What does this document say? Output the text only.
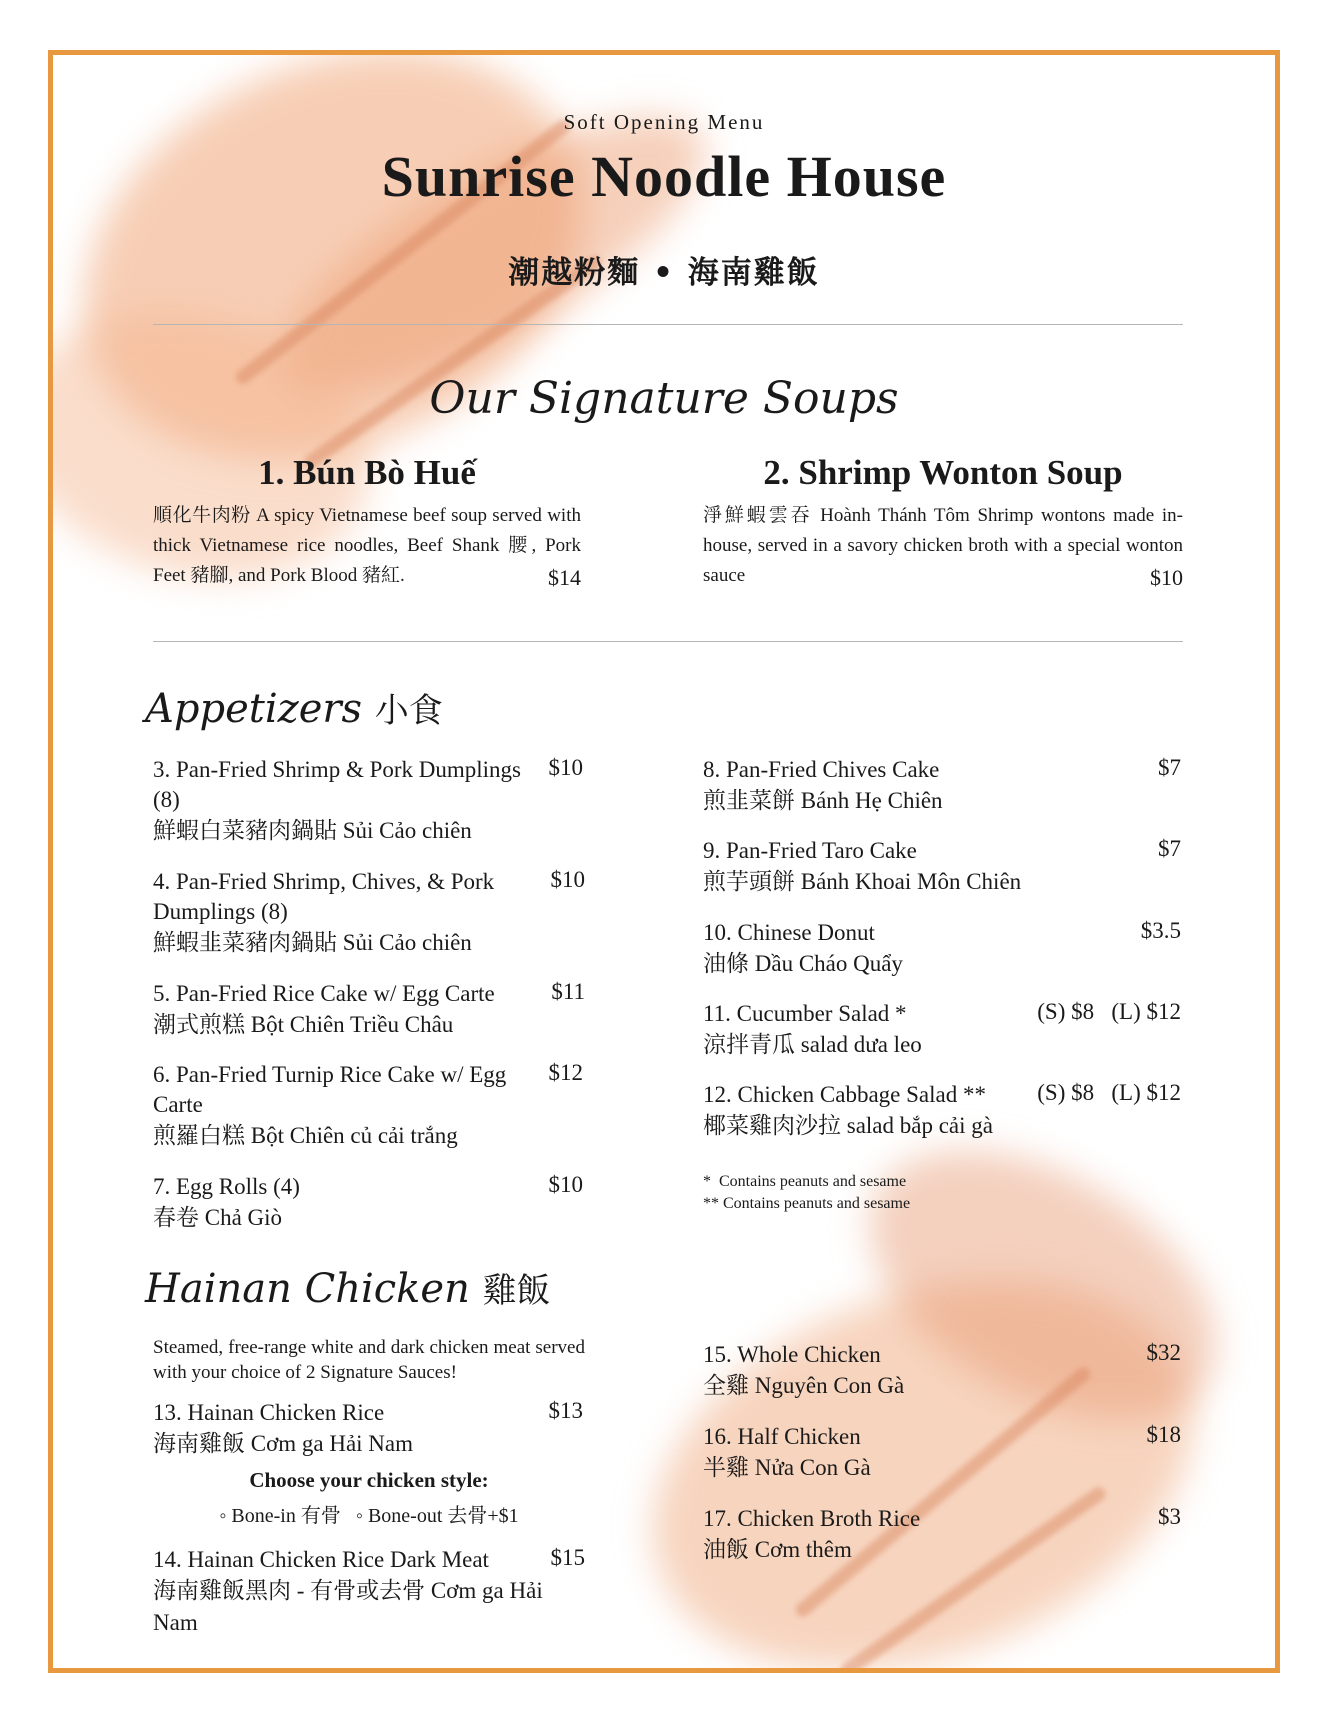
Soft Opening Menu
Sunrise Noodle House
潮越粉麵 • 海南雞飯
Our Signature Soups
1. Bún Bò Huế
順化牛肉粉 A spicy Vietnamese beef soup served with thick Vietnamese rice noodles, Beef Shank 腰, Pork Feet 豬腳, and Pork Blood 豬紅.	$14
2. Shrimp Wonton Soup
淨鮮蝦雲吞 Hoành Thánh Tôm Shrimp wontons made in-house, served in a savory chicken broth with a special wonton sauce	$10
Appetizers 小食
3. Pan-Fried Shrimp & Pork Dumplings (8)
鮮蝦白菜豬肉鍋貼 Sủi Cảo chiên
$10
4. Pan-Fried Shrimp, Chives, & Pork Dumplings (8)
鮮蝦韭菜豬肉鍋貼 Sủi Cảo chiên
$10
5. Pan-Fried Rice Cake w/ Egg Carte
潮式煎糕 Bột Chiên Triều Châu
$11
6. Pan-Fried Turnip Rice Cake w/ Egg Carte
煎羅白糕 Bột Chiên củ cải trắng
$12
7. Egg Rolls (4)
春卷 Chả Giò
$10
8. Pan-Fried Chives Cake
煎韭菜餅 Bánh Hẹ Chiên
$7
9. Pan-Fried Taro Cake
煎芋頭餅 Bánh Khoai Môn Chiên
$7
10. Chinese Donut
油條 Dầu Cháo Quẩy
$3.5
11. Cucumber Salad *
涼拌青瓜 salad dưa leo
(S) $8   (L) $12
12. Chicken Cabbage Salad **
椰菜雞肉沙拉 salad bắp cải gà
(S) $8   (L) $12
*  Contains peanuts and sesame
** Contains peanuts and sesame
Hainan Chicken 雞飯
Steamed, free-range white and dark chicken meat served with your choice of 2 Signature Sauces!
13. Hainan Chicken Rice
海南雞飯 Cơm ga Hải Nam
$13
Choose your chicken style:
◦ Bone-in 有骨   ◦ Bone-out 去骨+$1
14. Hainan Chicken Rice Dark Meat
海南雞飯黑肉 - 有骨或去骨 Cơm ga Hải Nam
$15
15. Whole Chicken
全雞 Nguyên Con Gà
$32
16. Half Chicken
半雞 Nửa Con Gà
$18
17. Chicken Broth Rice
油飯 Cơm thêm
$3
